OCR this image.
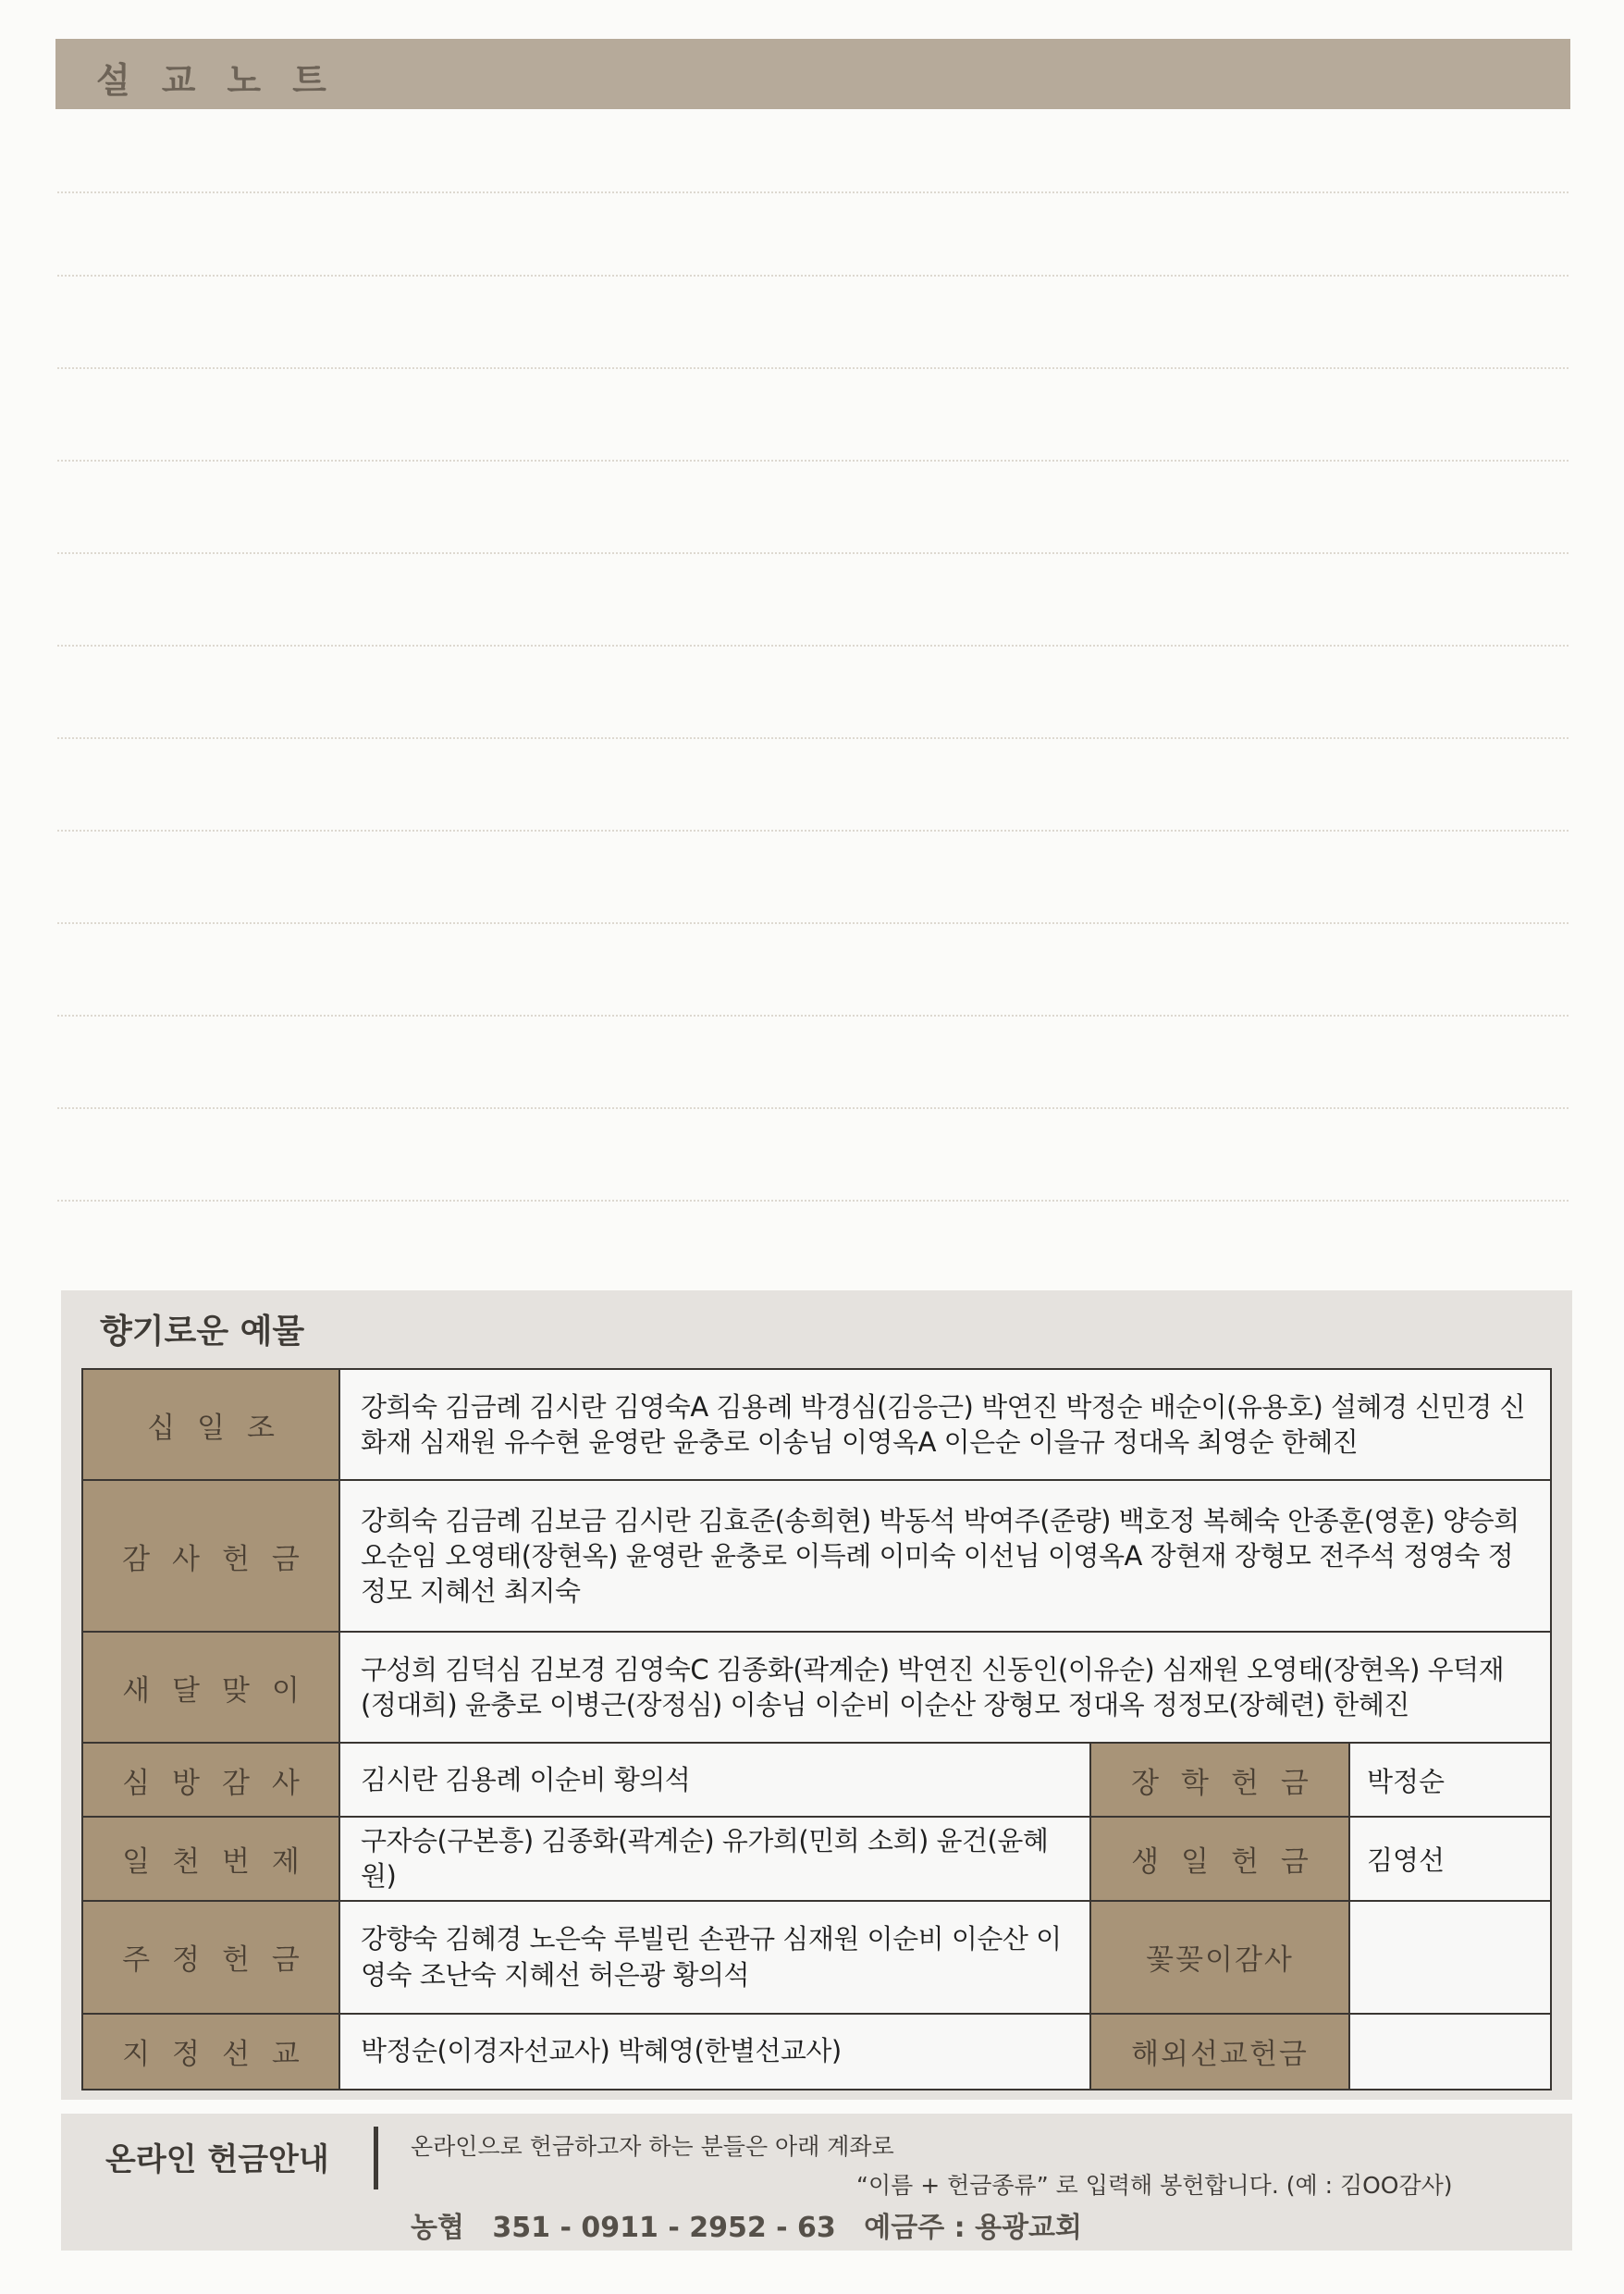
설교노트
향기로운 예물
십일조	강희숙 김금례 김시란 김영숙A 김용례 박경심(김응근) 박연진 박정순 배순이(유용호) 설혜경 신민경 신화재 심재원 유수현 윤영란 윤충로 이송님 이영옥A 이은순 이을규 정대옥 최영순 한혜진		
감사헌금	강희숙 김금례 김보금 김시란 김효준(송희현) 박동석 박여주(준량) 백호정 복혜숙 안종훈(영훈) 양승희 오순임 오영태(장현옥) 윤영란 윤충로 이득례 이미숙 이선님 이영옥A 장현재 장형모 전주석 정영숙 정정모 지혜선 최지숙		
새달맞이	구성희 김덕심 김보경 김영숙C 김종화(곽계순) 박연진 신동인(이유순) 심재원 오영태(장현옥) 우덕재 (정대희) 윤충로 이병근(장정심) 이송님 이순비 이순산 장형모 정대옥 정정모(장혜련) 한혜진		
심방감사	김시란 김용례 이순비 황의석	장학헌금	박정순
일천번제	구자승(구본흥) 김종화(곽계순) 유가희(민희 소희) 윤건(윤혜원)	생일헌금	김영선
주정헌금	강향숙 김혜경 노은숙 루빌린 손관규 심재원 이순비 이순산 이영숙 조난숙 지혜선 허은광 황의석	꽃꽂이감사	
지정선교	박정순(이경자선교사) 박혜영(한별선교사)	해외선교헌금	
온라인 헌금안내	온라인으로 헌금하고자 하는 분들은 아래 계좌로
“이름 + 헌금종류” 로 입력해 봉헌합니다. (예 : 김OO감사)
농협 351 - 0911 - 2952 - 63 예금주 : 용광교회
